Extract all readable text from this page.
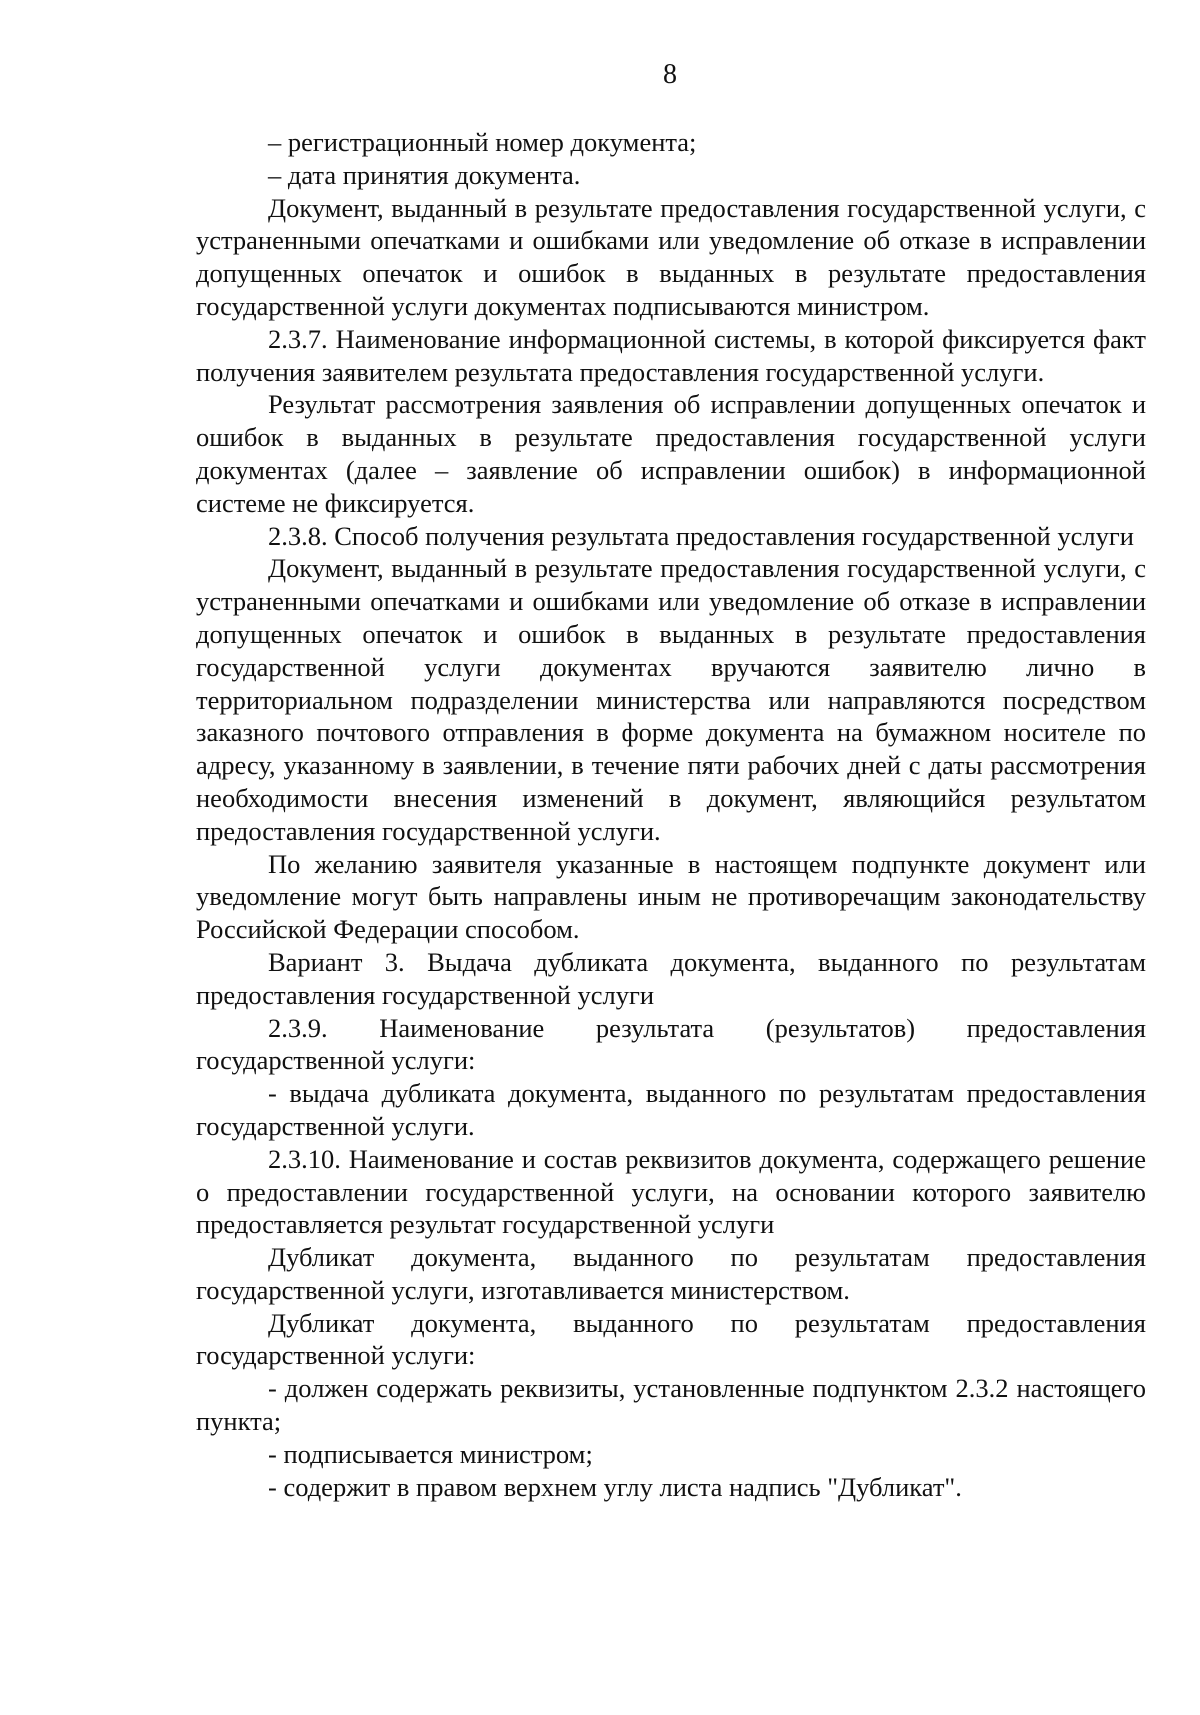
8

– регистрационный номер документа;

– дата принятия документа.

Документ, выданный в результате предоставления государственной услуги, с устраненными опечатками и ошибками или уведомление об отказе в исправлении допущенных опечаток и ошибок в выданных в результате предоставления государственной услуги документах подписываются министром.

2.3.7. Наименование информационной системы, в которой фиксируется факт получения заявителем результата предоставления государственной услуги.

Результат рассмотрения заявления об исправлении допущенных опечаток и ошибок в выданных в результате предоставления государственной услуги документах (далее – заявление об исправлении ошибок) в информационной системе не фиксируется.

2.3.8. Способ получения результата предоставления государственной услуги

Документ, выданный в результате предоставления государственной услуги, с устраненными опечатками и ошибками или уведомление об отказе в исправлении допущенных опечаток и ошибок в выданных в результате предоставления государственной услуги документах вручаются заявителю лично в территориальном подразделении министерства или направляются посредством заказного почтового отправления в форме документа на бумажном носителе по адресу, указанному в заявлении, в течение пяти рабочих дней с даты рассмотрения необходимости внесения изменений в документ, являющийся результатом предоставления государственной услуги.

По желанию заявителя указанные в настоящем подпункте документ или уведомление могут быть направлены иным не противоречащим законодательству Российской Федерации способом.

Вариант 3. Выдача дубликата документа, выданного по результатам предоставления государственной услуги

2.3.9. Наименование результата (результатов) предоставления государственной услуги:

- выдача дубликата документа, выданного по результатам предоставления государственной услуги.

2.3.10. Наименование и состав реквизитов документа, содержащего решение о предоставлении государственной услуги, на основании которого заявителю предоставляется результат государственной услуги

Дубликат документа, выданного по результатам предоставления государственной услуги, изготавливается министерством.

Дубликат документа, выданного по результатам предоставления государственной услуги:

- должен содержать реквизиты, установленные подпунктом 2.3.2 настоящего пункта;

- подписывается министром;

- содержит в правом верхнем углу листа надпись "Дубликат".
